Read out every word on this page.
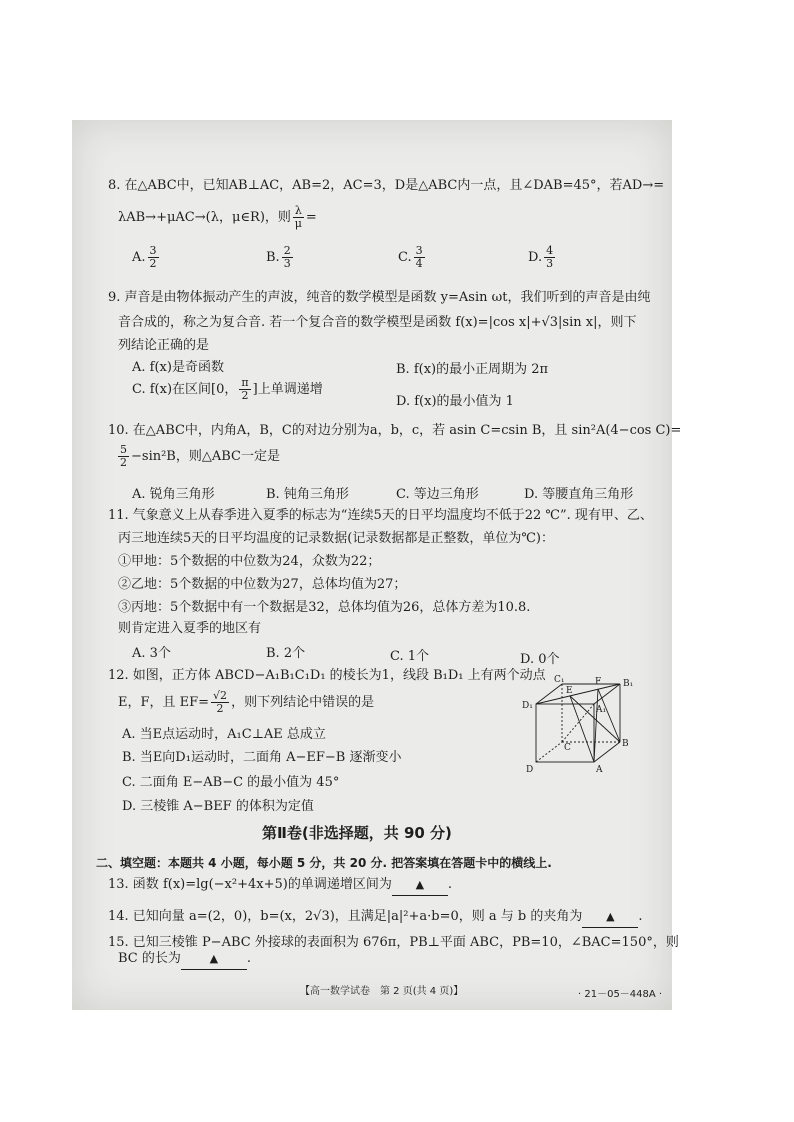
8. 在△ABC中，已知AB⊥AC，AB=2，AC=3，D是△ABC内一点，且∠DAB=45°，若AD→=
λAB→+μAC→(λ，μ∈R)，则 $\frac{\lambda}{\mu}$ =
A. $\frac{3}{2}$	B. $\frac{2}{3}$	C. $\frac{3}{4}$	D. $\frac{4}{3}$
9. 声音是由物体振动产生的声波，纯音的数学模型是函数 y=Asin ωt，我们听到的声音是由纯
音合成的，称之为复合音. 若一个复合音的数学模型是函数 f(x)=|cos x|+√3|sin x|，则下
列结论正确的是
A. f(x)是奇函数	B. f(x)的最小正周期为 2π
C. f(x)在区间[0， $\frac{\pi}{2}$ ]上单调递增
D. f(x)的最小值为 1
10. 在△ABC中，内角A，B，C的对边分别为a，b，c，若 asin C=csin B，且 sin²A(4−cos C)=
$\frac{5}{2} -\sin^2B$，则△ABC一定是
A. 锐角三角形	B. 钝角三角形	C. 等边三角形	D. 等腰直角三角形
11. 气象意义上从春季进入夏季的标志为“连续5天的日平均温度均不低于22 ℃”. 现有甲、乙、
丙三地连续5天的日平均温度的记录数据(记录数据都是正整数，单位为℃)：
①甲地：5个数据的中位数为24，众数为22；
②乙地：5个数据的中位数为27，总体均值为27；
③丙地：5个数据中有一个数据是32，总体均值为26，总体方差为10.8.
则肯定进入夏季的地区有
A. 3个	B. 2个	C. 1个	D. 0个
12. 如图，正方体 ABCD−A₁B₁C₁D₁ 的棱长为1，线段 B₁D₁ 上有两个动点
E，F，且 $EF= \frac{√2}{2}$ ，则下列结论中错误的是
A. 当E点运动时，A₁C⊥AE 总成立
B. 当E向D₁运动时，二面角 A−EF−B 逐渐变小
C. 二面角 E−AB−C 的最小值为 45°
D. 三棱锥 A−BEF 的体积为定值
C₁	F
E
B₁
D₁	A₁
C	B
D	A
第Ⅱ卷(非选择题，共 90 分)
二、填空题：本题共 4 小题，每小题 5 分，共 20 分. 把答案填在答题卡中的横线上.
13. 函数 f(x)=lg(−x²+4x+5)的单调递增区间为 ▲ .
14. 已知向量 a=(2，0)，b=(x，2√3)，且满足|a|²+a·b=0，则 a 与 b 的夹角为 ▲ .
15. 已知三棱锥 P−ABC 外接球的表面积为 676π，PB⊥平面 ABC，PB=10，∠BAC=150°，则
BC 的长为	▲ .
【高一数学试卷　第 2 页(共 4 页)】	· 21－05－448A ·
